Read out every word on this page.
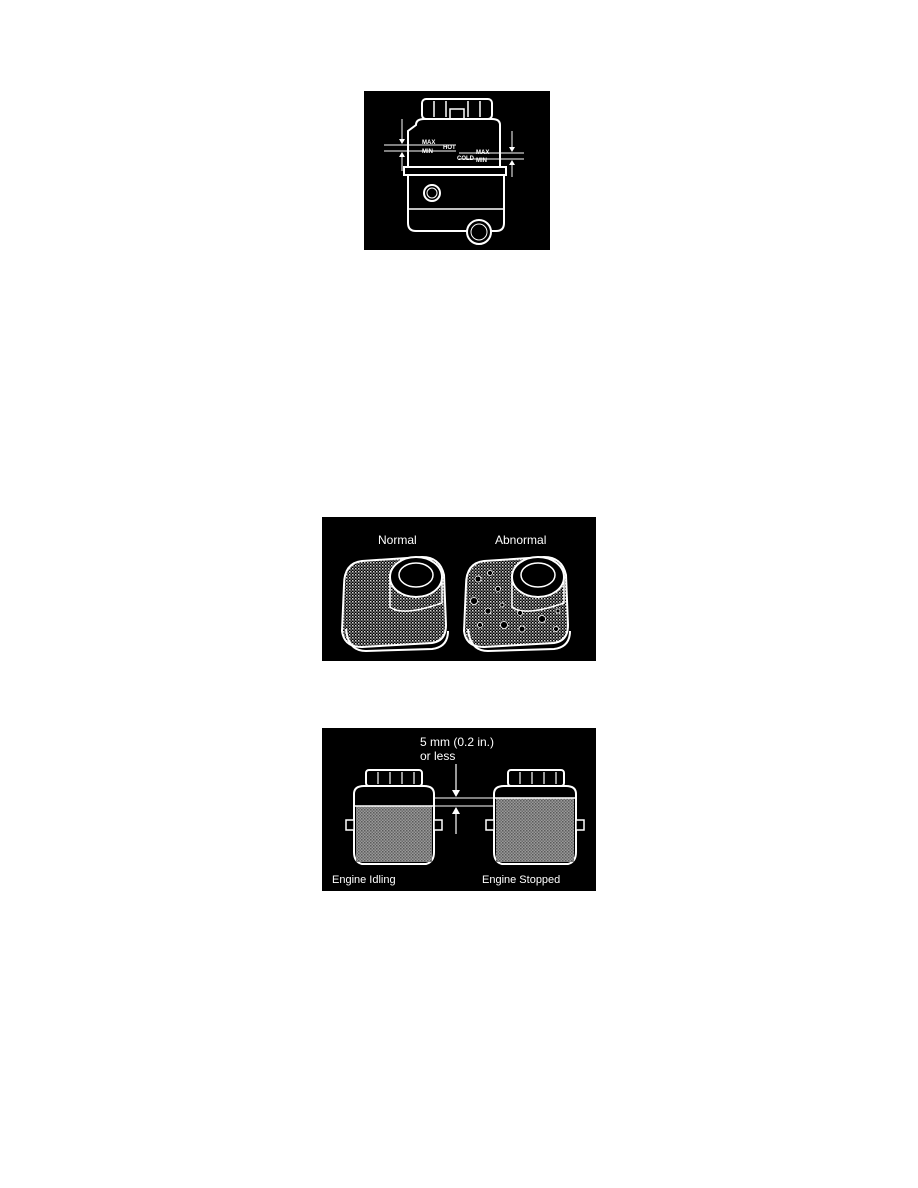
MAX
MIN
HOT
COLD
MAX
MIN
Normal	Abnormal
5 mm (0.2 in.)
or less
Engine Idling	Engine Stopped
